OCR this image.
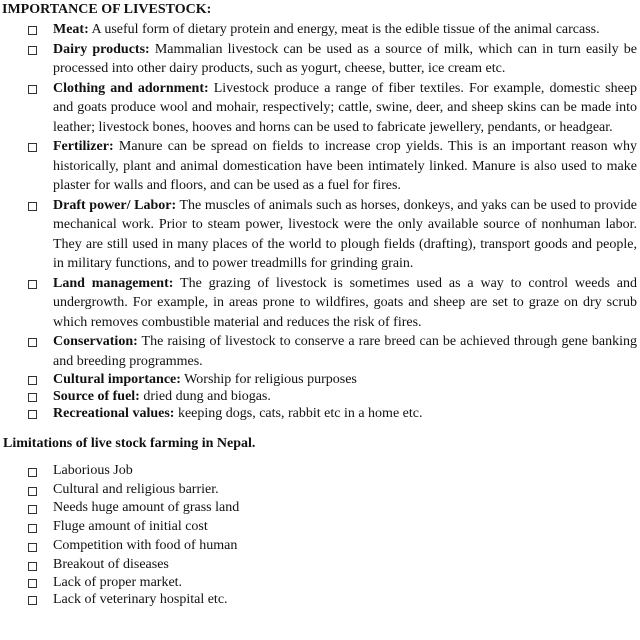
IMPORTANCE OF LIVESTOCK:
Meat: A useful form of dietary protein and energy, meat is the edible tissue of the animal carcass.
Dairy products: Mammalian livestock can be used as a source of milk, which can in turn easily be processed into other dairy products, such as yogurt, cheese, butter, ice cream etc.
Clothing and adornment: Livestock produce a range of fiber textiles. For example, domestic sheep and goats produce wool and mohair, respectively; cattle, swine, deer, and sheep skins can be made into leather; livestock bones, hooves and horns can be used to fabricate jewellery, pendants, or headgear.
Fertilizer: Manure can be spread on fields to increase crop yields. This is an important reason why historically, plant and animal domestication have been intimately linked. Manure is also used to make plaster for walls and floors, and can be used as a fuel for fires.
Draft power/ Labor: The muscles of animals such as horses, donkeys, and yaks can be used to provide mechanical work. Prior to steam power, livestock were the only available source of nonhuman labor. They are still used in many places of the world to plough fields (drafting), transport goods and people, in military functions, and to power treadmills for grinding grain.
Land management: The grazing of livestock is sometimes used as a way to control weeds and undergrowth. For example, in areas prone to wildfires, goats and sheep are set to graze on dry scrub which removes combustible material and reduces the risk of fires.
Conservation: The raising of livestock to conserve a rare breed can be achieved through gene banking and breeding programmes.
Cultural importance: Worship for religious purposes
Source of fuel: dried dung and biogas.
Recreational values: keeping dogs, cats, rabbit etc in a home etc.
Limitations of live stock farming in Nepal.
Laborious Job
Cultural and religious barrier.
Needs huge amount of grass land
Fluge amount of initial cost
Competition with food of human
Breakout of diseases
Lack of proper market.
Lack of veterinary hospital etc.
